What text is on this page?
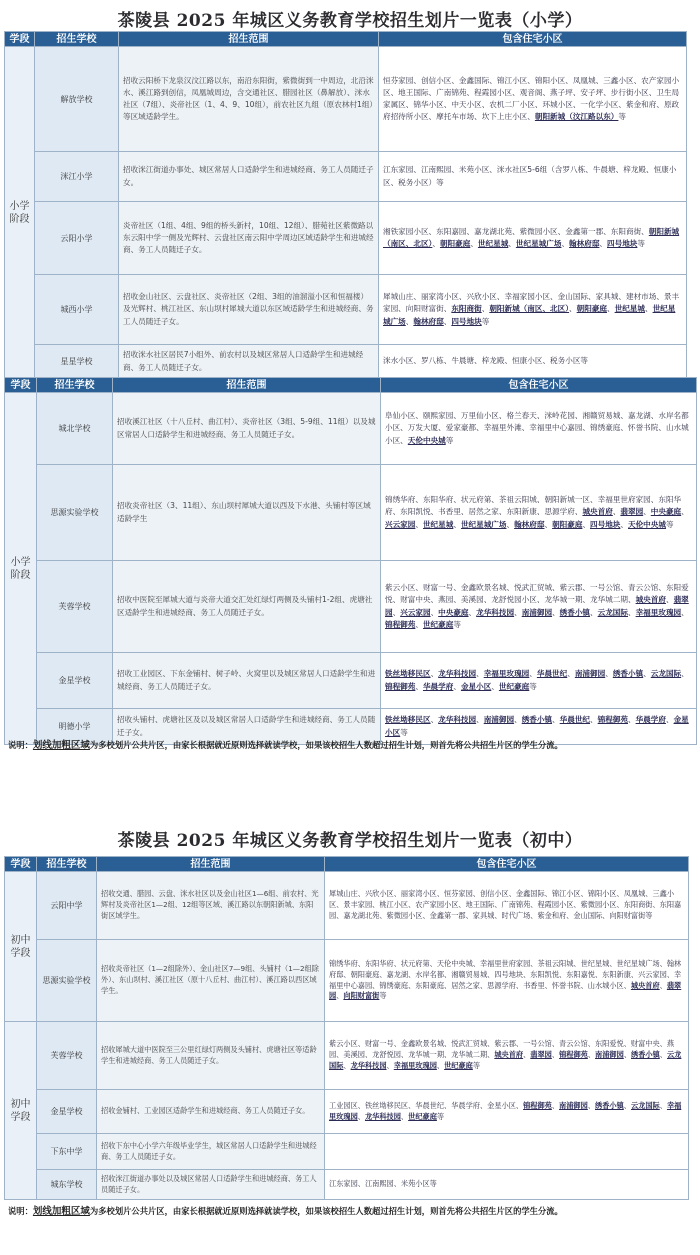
茶陵县 2025 年城区义务教育学校招生划片一览表（小学）
学段	招生学校	招生范围	包含住宅小区
小学阶段	解放学校	招收云阳桥下龙泉汉汶江路以东，南沿东阳街，紫微街到一中周边，北沿洣水、溪江路到创信，凤凰城周边，含交通社区、腊园社区（鼻解放）、洣水社区（7组）、炎帝社区（1、4、9、10组），前农社区九组（原农林村1组）等区域适龄学生。	恒芬家园、创信小区、金鑫国际、锦江小区、锦阳小区、凤凰城、三鑫小区、农产家园小区、地王国际、广南锦苑、程霞园小区、观音阁、燕子坪、安子坪、步行街小区、卫生局家属区、锦华小区、中天小区、农机二厂小区、环城小区、一化学小区、紫金和府、原政府招待所小区、摩托车市场、坎下上庄小区、朝阳新城（汶江路以东）等
	洣江小学	招收洣江街道办事处、城区常居人口适龄学生和进城经商、务工人员随迁子女。	江东家园、江南熙园、米苑小区、洣水社区5-6组（含罗八栋、牛晨塘、梓龙殿、恒康小区、税务小区）等
	云阳小学	炎帝社区（1组、4组、9组的桥头新村，10组、12组）、腊菀社区紫微路以东云阳中学一侧及光辉村、云盘社区南云阳中学周边区域适龄学生和进城经商、务工人员随迁子女。	湘铁家园小区、东阳嘉园、嘉龙湖北苑、紫微园小区、金鑫第一郡、东阳商街、朝阳新城（南区、北区）、朝阳豪庭、世纪星城、世纪星城广场、翰林府邸、四号地块等
	城西小学	招收金山社区、云盘社区、炎帝社区（2组、3组的油溜溢小区和恒福楼）及光辉村、桃江社区、东山坝村犀城大道以东区域适龄学生和进城经商、务工人员随迁子女。	犀城山庄、丽家湾小区、兴欣小区、幸福家园小区、金山国际、家具城、建材市场、景丰家园、向阳财富街、东阳商街、朝阳新城（南区、北区）、朝阳豪庭、世纪星城、世纪星城广场、翰林府邸、四号地块等
	星星学校	招收洣水社区居民7小组外、前农村以及城区常居人口适龄学生和进城经商、务工人员随迁子女。	洣水小区、罗八栋、牛晨塘、梓龙殿、恒康小区、税务小区等
学段	招生学校	招生范围	包含住宅小区
小学阶段	城北学校	招收溪江社区（十八丘村、曲江村）、炎帝社区（3组、5-9组、11组）以及城区常居人口适龄学生和进城经商、务工人员随迁子女。	阜仙小区、颐熙家园、万里仙小区、格兰春天、洣岭花园、湘赣贸易城、嘉龙湖、水岸名都小区、万发大厦、爱家豪都、幸福里外滩、幸福里中心嘉园、锦绣豪庭、怀誉书院、山水城小区、天伦中央城等
	思源实验学校	招收炎帝社区（3、11组）、东山坝村犀城大道以西及下水港、头铺村等区域适龄学生	锦绣华府、东阳华府、状元府第、茶祖云阳城、朝阳新城一区、幸福里世府家园、东阳华府、东阳凯悦、书香里、居然之家、东阳新康、思源学府、城央首府、翡翠园、中央豪庭、兴云家园、世纪星城、世纪星城广场、翰林府邸、朝阳豪庭、四号地块、天伦中央城等
	芙蓉学校	招收中医院至犀城大道与炎帝大道交汇处红绿灯两侧及头铺村1-2组、虎塘社区适龄学生和进城经商、务工人员随迁子女。	紫云小区、财富一号、金鑫欧景名城、悦武汇贸城、紫云郡、一号公馆、青云公馆、东阳爱悦、财富中央、燕园、美溪园、龙舒悦园小区、龙华城一期、龙华城二期、城央首府、翡翠园、兴云家园、中央豪庭、龙华科技园、南浦御园、绣香小镇、云龙国际、幸福里玫瑰园、锦程御苑、世纪豪庭等
	金星学校	招收工业园区、下东金铺村、树子岭、火窝里以及城区常居人口适龄学生和进城经商、务工人员随迁子女。	铁丝坳移民区、龙华科技园、幸福里玫瑰园、华晨世纪、南浦御园、绣香小镇、云龙国际、锦程御苑、华晨学府、金星小区、世纪豪庭等
	明德小学	招收头铺村、虎塘社区及以及城区常居人口适龄学生和进城经商、务工人员随迁子女。	铁丝坳移民区、龙华科技园、南浦御园、绣香小镇、华晨世纪、锦程御苑、华晨学府、金星小区等
说明：划线加粗区域为多校划片公共片区，由家长根据就近原则选择就读学校，如果该校招生人数超过招生计划，则首先将公共招生片区的学生分流。
茶陵县 2025 年城区义务教育学校招生划片一览表（初中）
学段	招生学校	招生范围	包含住宅小区
初中学段	云阳中学	招收交通、腊园、云盘、洣水社区以及金山社区1—6组、前农村、光辉村及炎帝社区1—2组、12组等区域、溪江路以东朝阳新城、东阳街区域学生。	犀城山庄、兴欣小区、丽家湾小区、恒芬家园、创信小区、金鑫国际、锦江小区、锦阳小区、凤凰城、三鑫小区、景丰家园、桃江小区、农产家园小区、地王国际、广南锦苑、程霞园小区、紫微园小区、东阳商街、东阳嘉园、嘉龙湖北苑、紫微园小区、金鑫第一郡、家具城、时代广场、紫金和府、金山国际、向阳财富街等
	思源实验学校	招收炎帝社区（1—2组除外）、金山社区7—9组、头铺村（1—2组除外）、东山坝村、溪江社区（原十八丘村、曲江村）、溪江路以西区域学生。	锦绣华府、东阳华府、状元府第、天伦中央城、幸福里世府家园、茶祖云阳城、世纪星城、世纪星城广场、翰林府邸、朝阳豪庭、嘉龙湖、水岸名都、湘赣贸易城、四号地块、东阳凯悦、东阳嘉悦、东阳新康、兴云家园、幸福里中心嘉园、锦绣豪庭、东阳豪庭、居然之家、思源学府、书香里、怀誉书院、山水城小区、城央首府、翡翠园、向阳财富街等
初中学段	芙蓉学校	招收犀城大道中医院至三公里红绿灯两侧及头铺村、虎塘社区等适龄学生和进城经商、务工人员随迁子女。	紫云小区、财富一号、金鑫欧景名城、悦武汇贸城、紫云郡、一号公馆、青云公馆、东阳爱悦、财富中央、燕园、美溪园、龙舒悦园、龙华城一期、龙华城二期、城央首府、翡翠园、锦程御苑、南浦御园、绣香小镇、云龙国际、龙华科技园、幸福里玫瑰园、世纪豪庭等
	金星学校	招收金铺村、工业园区适龄学生和进城经商、务工人员随迁子女。	工业园区、铁丝坳移民区、华晨世纪、华晨学府、金星小区、锦程御苑、南浦御园、绣香小镇、云龙国际、幸福里玫瑰园、龙华科技园、世纪豪庭等
	下东中学	招收下东中心小学六年级毕业学生，城区常居人口适龄学生和进城经商、务工人员随迁子女。	
	城东学校	招收洣江街道办事处以及城区常居人口适龄学生和进城经商、务工人员随迁子女。	江东家园、江南熙园、米苑小区等
说明：划线加粗区域为多校划片公共片区，由家长根据就近原则选择就读学校，如果该校招生人数超过招生计划，则首先将公共招生片区的学生分流。
